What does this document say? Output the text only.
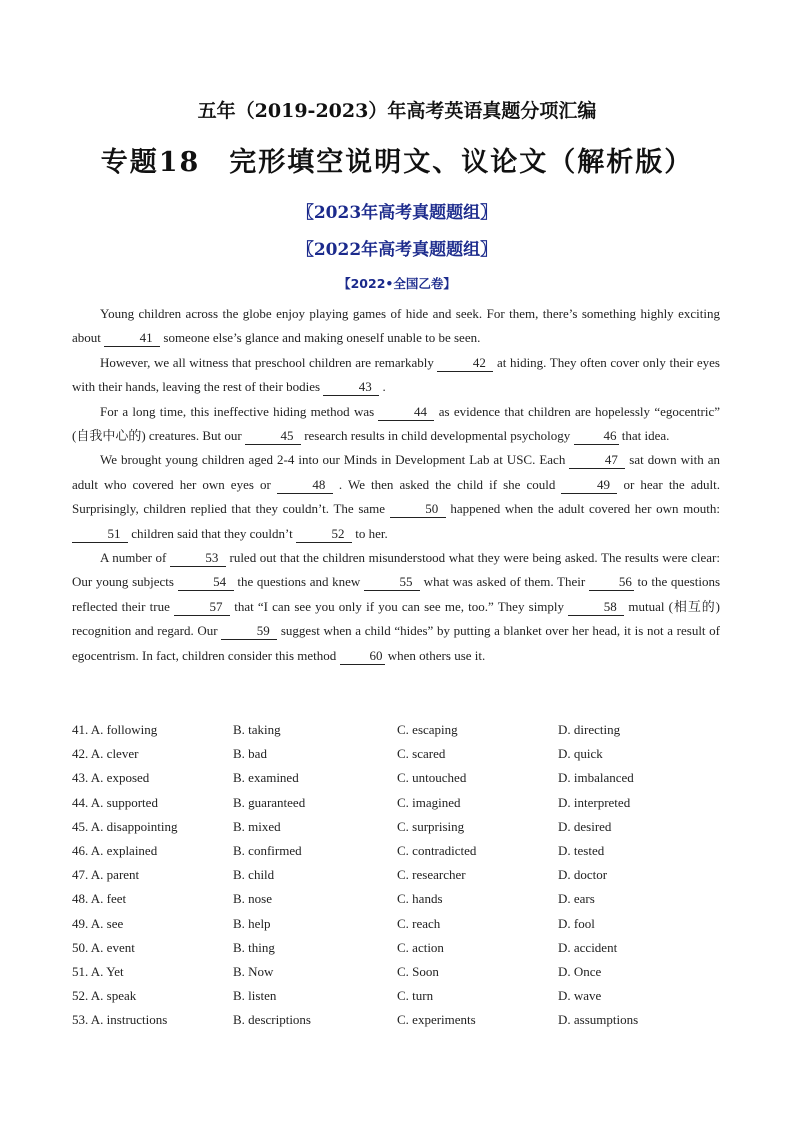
五年（2019-2023）年高考英语真题分项汇编
专题18　完形填空说明文、议论文（解析版）
〖2023年高考真题题组〗
〖2022年高考真题题组〗
【2022•全国乙卷】

Young children across the globe enjoy playing games of hide and seek. For them, there’s something highly exciting about	41 someone else’s glance and making oneself unable to be seen.

However, we all witness that preschool children are remarkably	42 at hiding. They often cover only their eyes with their hands, leaving the rest of their bodies	43 .

For a long time, this ineffective hiding method was	44 as evidence that children are hopelessly “egocentric” (自我中心的) creatures. But our	45 research results in child developmental psychology 46 that idea.

We brought young children aged 2-4 into our Minds in Development Lab at USC. Each	47 sat down with an adult who covered her own eyes or	48 . We then asked the child if she could	49 or hear the adult. Surprisingly, children replied that they couldn’t. The same	50 happened when the adult covered her own mouth: 51 children said that they couldn’t	52 to her.

A number of	53 ruled out that the children misunderstood what they were being asked. The results were clear: Our young subjects	54 the questions and knew	55 what was asked of them. Their 56 to the questions reflected their true	57 that “I can see you only if you can see me, too.” They simply	58 mutual (相互的) recognition and regard. Our	59 suggest when a child “hides” by putting a blanket over her head, it is not a result of egocentrism. In fact, children consider this method 60 when others use it.

41. A. following	B. taking	C. escaping	D. directing
42. A. clever	B. bad	C. scared	D. quick
43. A. exposed	B. examined	C. untouched	D. imbalanced
44. A. supported	B. guaranteed	C. imagined	D. interpreted
45. A. disappointing	B. mixed	C. surprising	D. desired
46. A. explained	B. confirmed	C. contradicted	D. tested
47. A. parent	B. child	C. researcher	D. doctor
48. A. feet	B. nose	C. hands	D. ears
49. A. see	B. help	C. reach	D. fool
50. A. event	B. thing	C. action	D. accident
51. A. Yet	B. Now	C. Soon	D. Once
52. A. speak	B. listen	C. turn	D. wave
53. A. instructions	B. descriptions	C. experiments	D. assumptions
